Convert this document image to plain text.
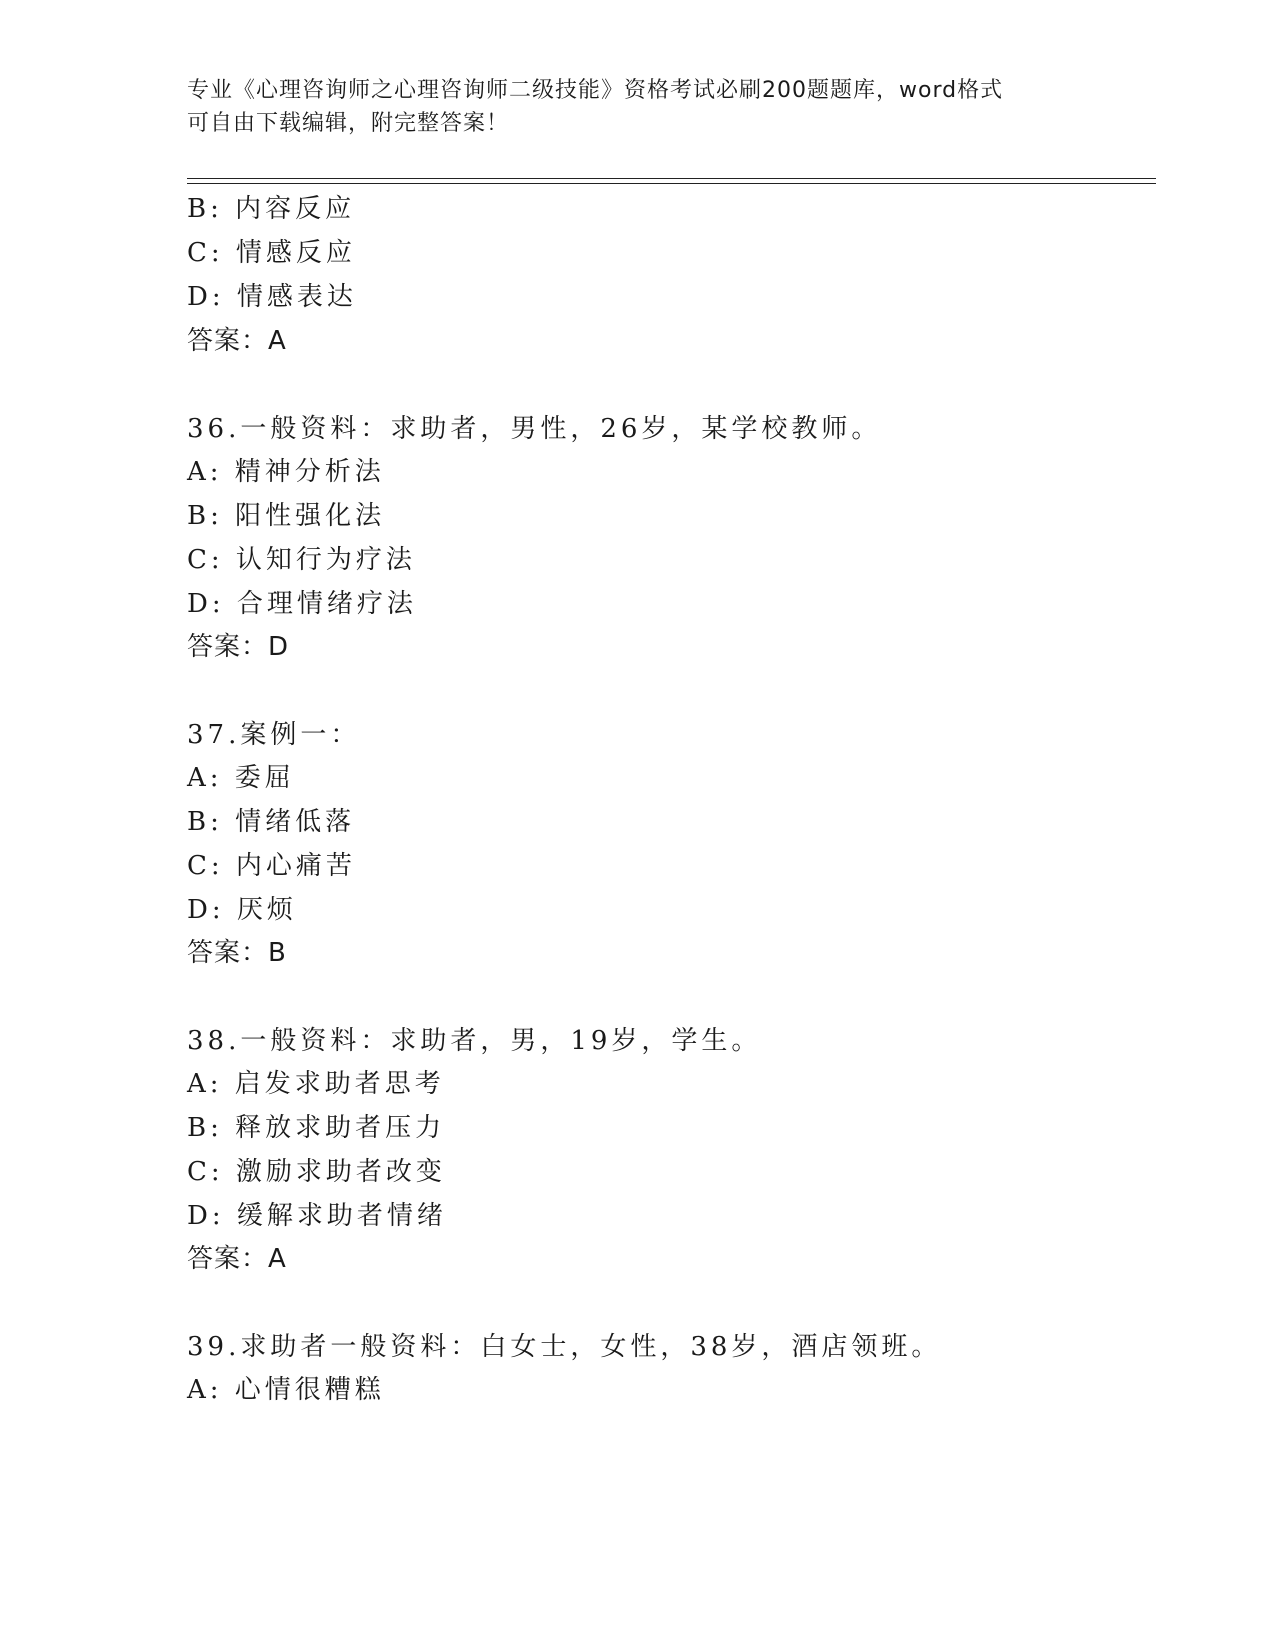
专业《心理咨询师之心理咨询师二级技能》资格考试必刷200题题库，word格式
可自由下载编辑，附完整答案！
B: 内容反应
C: 情感反应
D: 情感表达
答案：A
36.一般资料：求助者，男性，26岁，某学校教师。
A: 精神分析法
B: 阳性强化法
C: 认知行为疗法
D: 合理情绪疗法
答案：D
37.案例一：
A: 委屈
B: 情绪低落
C: 内心痛苦
D: 厌烦
答案：B
38.一般资料：求助者，男，19岁，学生。
A: 启发求助者思考
B: 释放求助者压力
C: 激励求助者改变
D: 缓解求助者情绪
答案：A
39.求助者一般资料：白女士，女性，38岁，酒店领班。
A: 心情很糟糕
